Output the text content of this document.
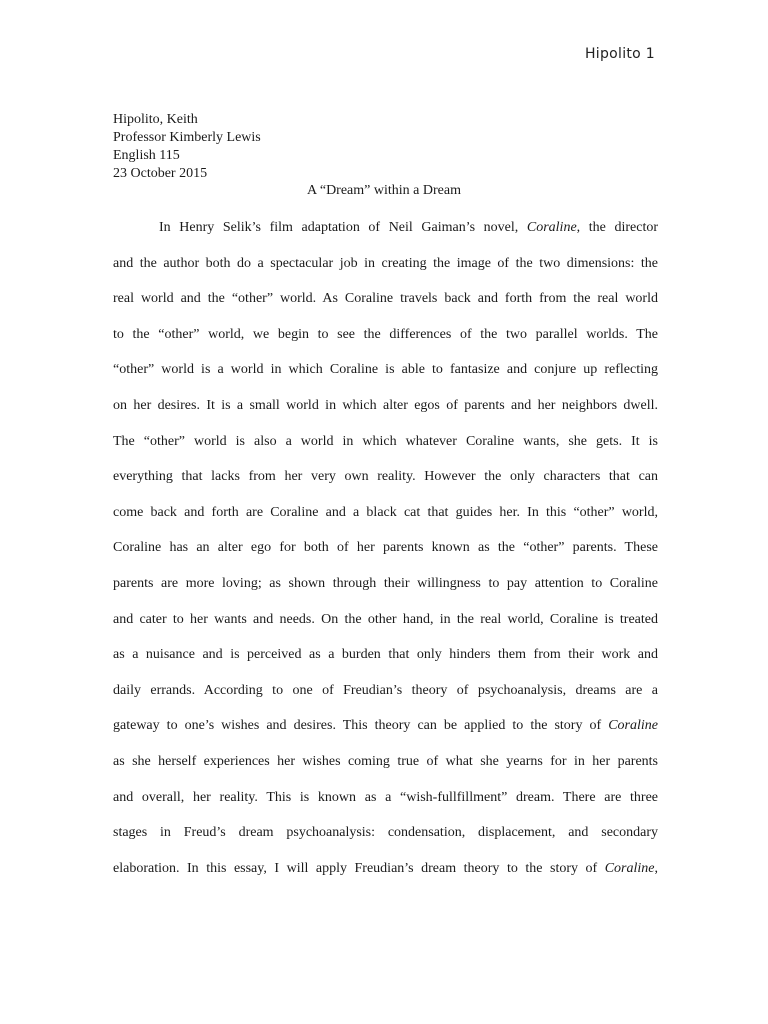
Hipolito 1
Hipolito, Keith
Professor Kimberly Lewis
English 115
23 October 2015
A “Dream” within a Dream
In Henry Selik’s film adaptation of Neil Gaiman’s novel, Coraline, the director
and the author both do a spectacular job in creating the image of the two dimensions: the
real world and the “other” world. As Coraline travels back and forth from the real world
to the “other” world, we begin to see the differences of the two parallel worlds. The
“other” world is a world in which Coraline is able to fantasize and conjure up reflecting
on her desires. It is a small world in which alter egos of parents and her neighbors dwell.
The “other” world is also a world in which whatever Coraline wants, she gets. It is
everything that lacks from her very own reality. However the only characters that can
come back and forth are Coraline and a black cat that guides her. In this “other” world,
Coraline has an alter ego for both of her parents known as the “other” parents. These
parents are more loving; as shown through their willingness to pay attention to Coraline
and cater to her wants and needs. On the other hand, in the real world, Coraline is treated
as a nuisance and is perceived as a burden that only hinders them from their work and
daily errands. According to one of Freudian’s theory of psychoanalysis, dreams are a
gateway to one’s wishes and desires. This theory can be applied to the story of Coraline
as she herself experiences her wishes coming true of what she yearns for in her parents
and overall, her reality. This is known as a “wish-fullfillment” dream. There are three
stages in Freud’s dream psychoanalysis: condensation, displacement, and secondary
elaboration. In this essay, I will apply Freudian’s dream theory to the story of Coraline,
